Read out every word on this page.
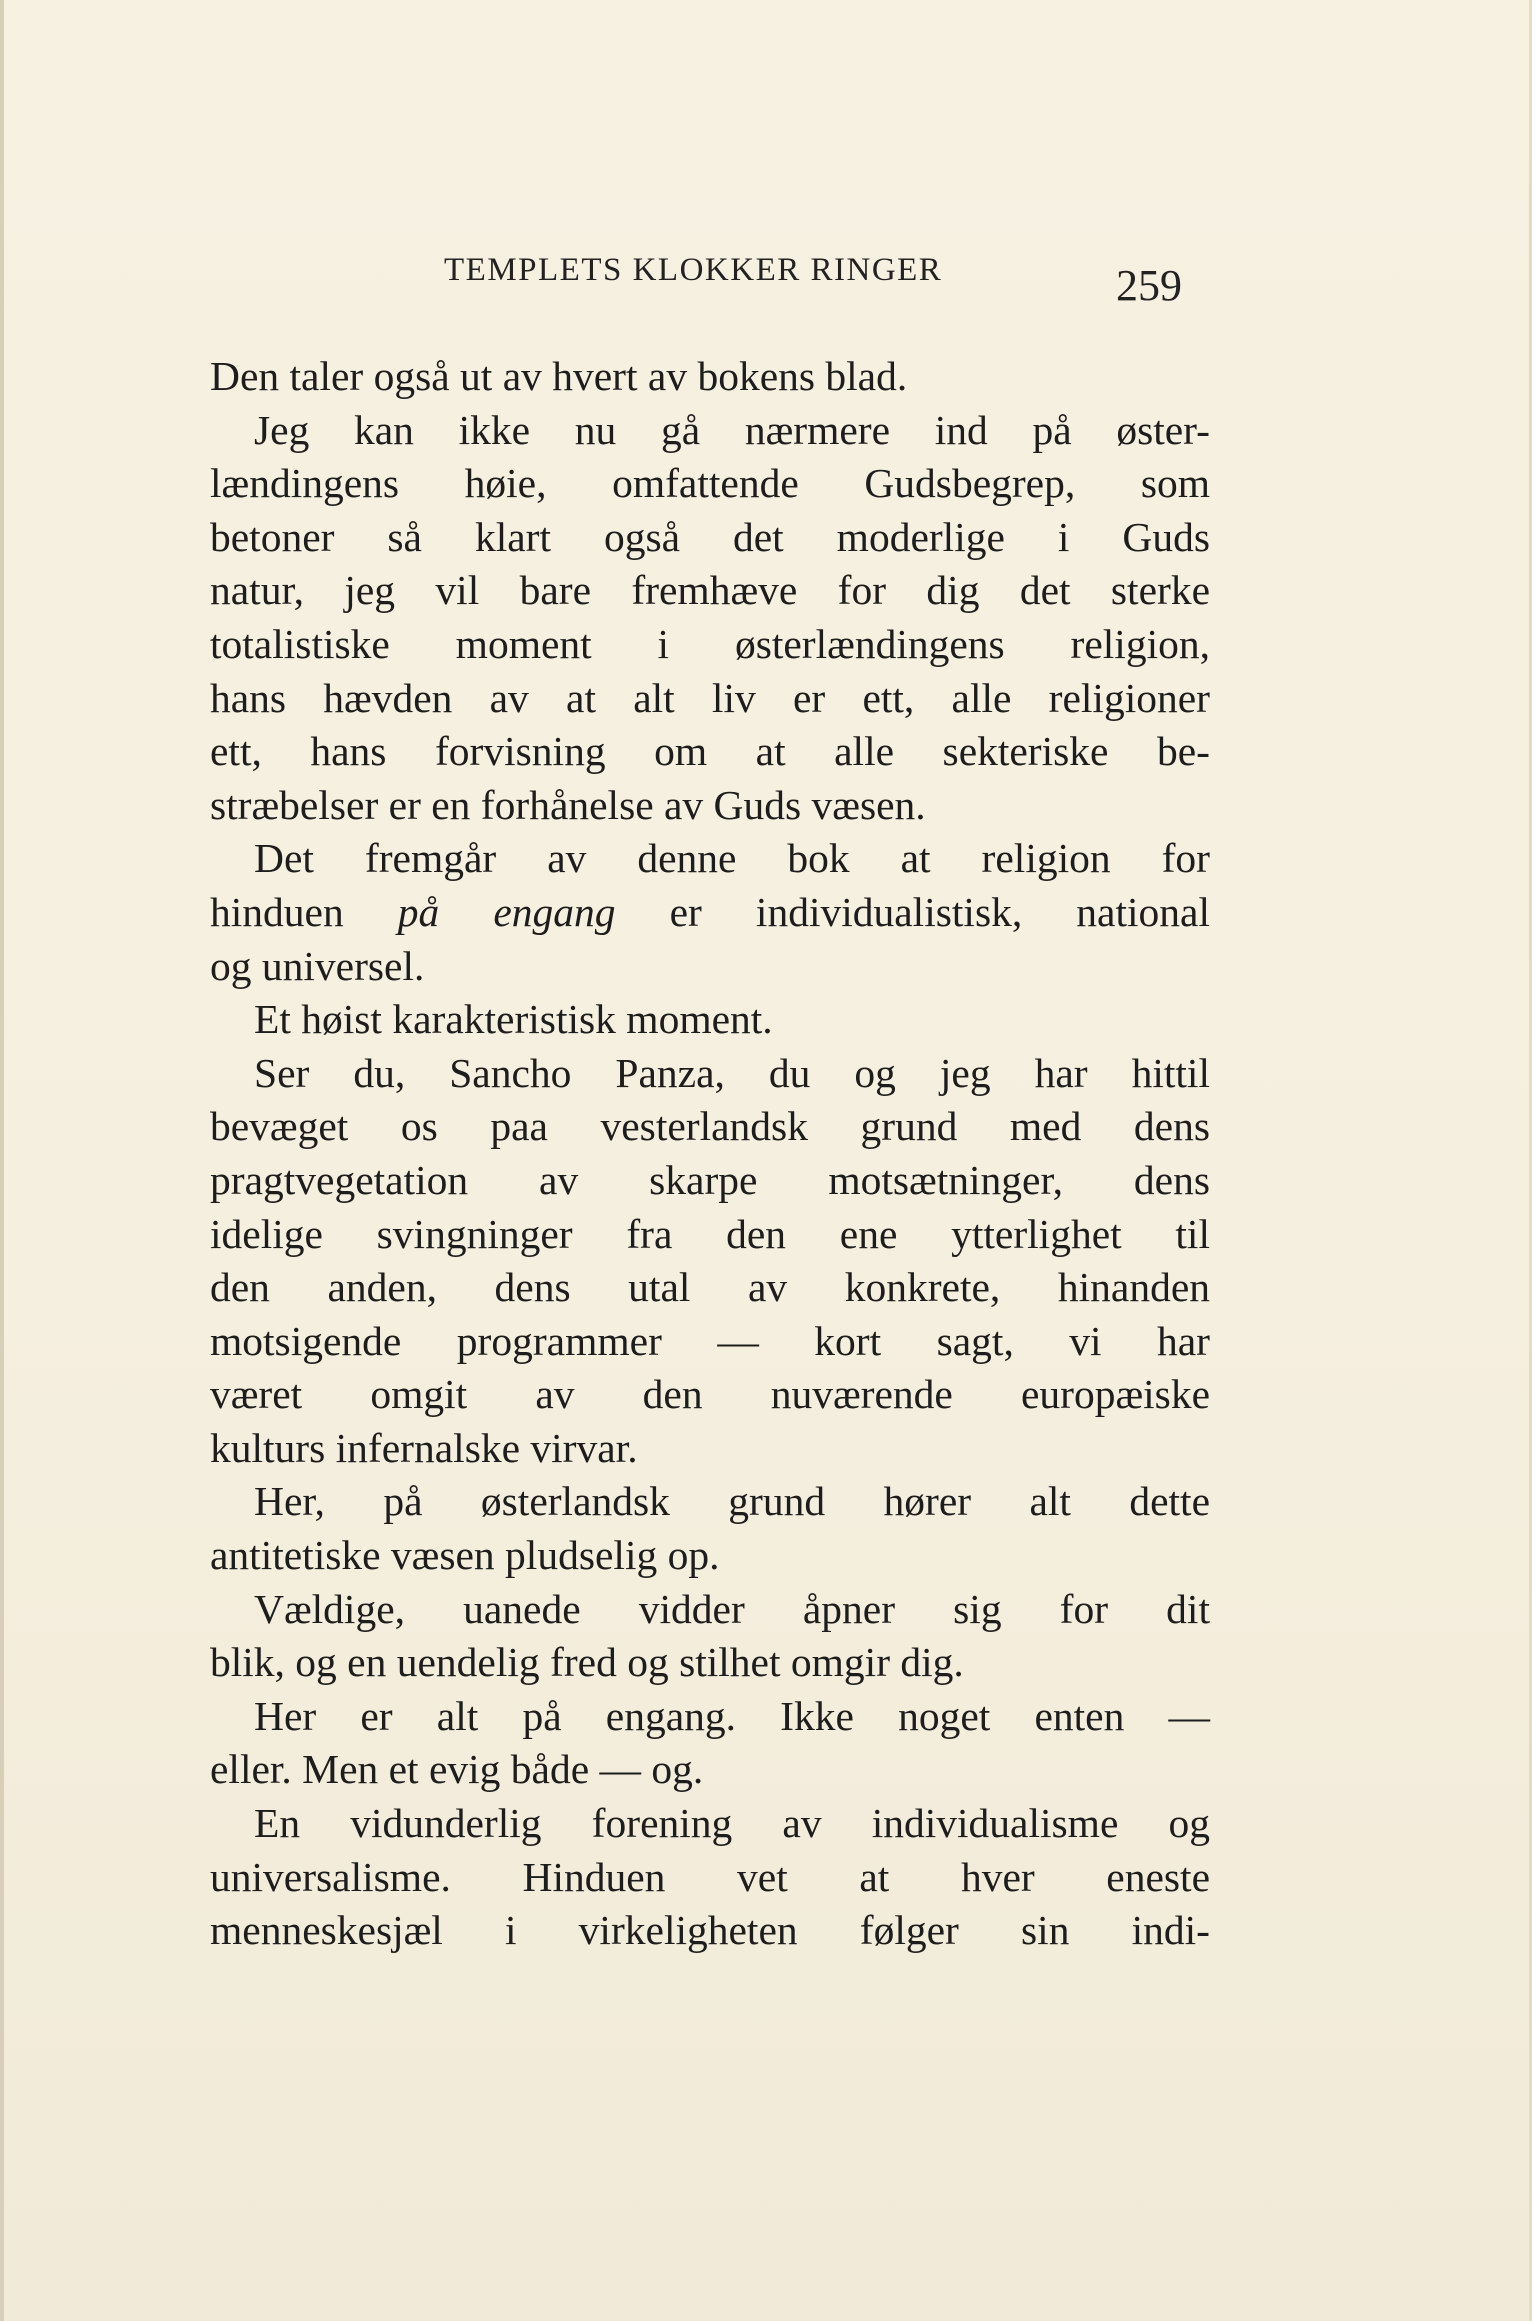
TEMPLETS KLOKKER RINGER	259
Den taler også ut av hvert av bokens blad.
Jeg kan ikke nu gå nærmere ind på øster-
lændingens høie, omfattende Gudsbegrep, som
betoner så klart også det moderlige i Guds
natur, jeg vil bare fremhæve for dig det sterke
totalistiske moment i østerlændingens religion,
hans hævden av at alt liv er ett, alle religioner
ett, hans forvisning om at alle sekteriske be-
stræbelser er en forhånelse av Guds væsen.
Det fremgår av denne bok at religion for
hinduen på engang er individualistisk, national
og universel.
Et høist karakteristisk moment.
Ser du, Sancho Panza, du og jeg har hittil
bevæget os paa vesterlandsk grund med dens
pragtvegetation av skarpe motsætninger, dens
idelige svingninger fra den ene ytterlighet til
den anden, dens utal av konkrete, hinanden
motsigende programmer — kort sagt, vi har
været omgit av den nuværende europæiske
kulturs infernalske virvar.
Her, på østerlandsk grund hører alt dette
antitetiske væsen pludselig op.
Vældige, uanede vidder åpner sig for dit
blik, og en uendelig fred og stilhet omgir dig.
Her er alt på engang. Ikke noget enten —
eller. Men et evig både — og.
En vidunderlig forening av individualisme og
universalisme. Hinduen vet at hver eneste
menneskesjæl i virkeligheten følger sin indi-
